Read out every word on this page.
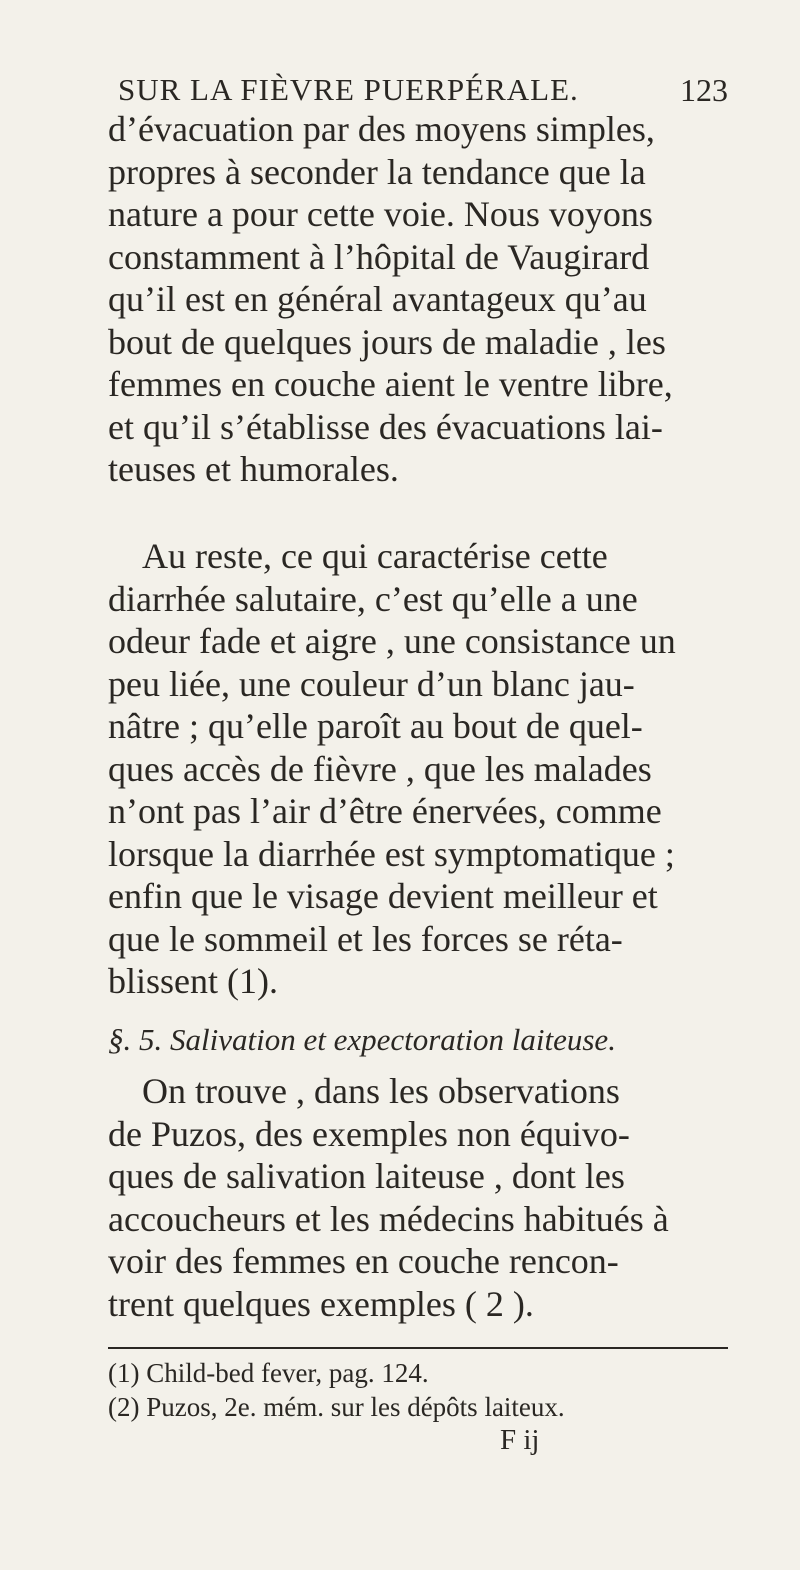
SUR LA FIÈVRE PUERPÉRALE.	123
d’évacuation par des moyens simples,
propres à seconder la tendance que la
nature a pour cette voie. Nous voyons
constamment à l’hôpital de Vaugirard
qu’il est en général avantageux qu’au
bout de quelques jours de maladie , les
femmes en couche aient le ventre libre,
et qu’il s’établisse des évacuations lai-
teuses et humorales.
Au reste, ce qui caractérise cette
diarrhée salutaire, c’est qu’elle a une
odeur fade et aigre , une consistance un
peu liée, une couleur d’un blanc jau-
nâtre ; qu’elle paroît au bout de quel-
ques accès de fièvre , que les malades
n’ont pas l’air d’être énervées, comme
lorsque la diarrhée est symptomatique ;
enfin que le visage devient meilleur et
que le sommeil et les forces se réta-
blissent (1).
§. 5. Salivation et expectoration laiteuse.
On trouve , dans les observations
de Puzos, des exemples non équivo-
ques de salivation laiteuse , dont les
accoucheurs et les médecins habitués à
voir des femmes en couche rencon-
trent quelques exemples ( 2 ).
(1) Child-bed fever, pag. 124.
(2) Puzos, 2e. mém. sur les dépôts laiteux.
F ij
